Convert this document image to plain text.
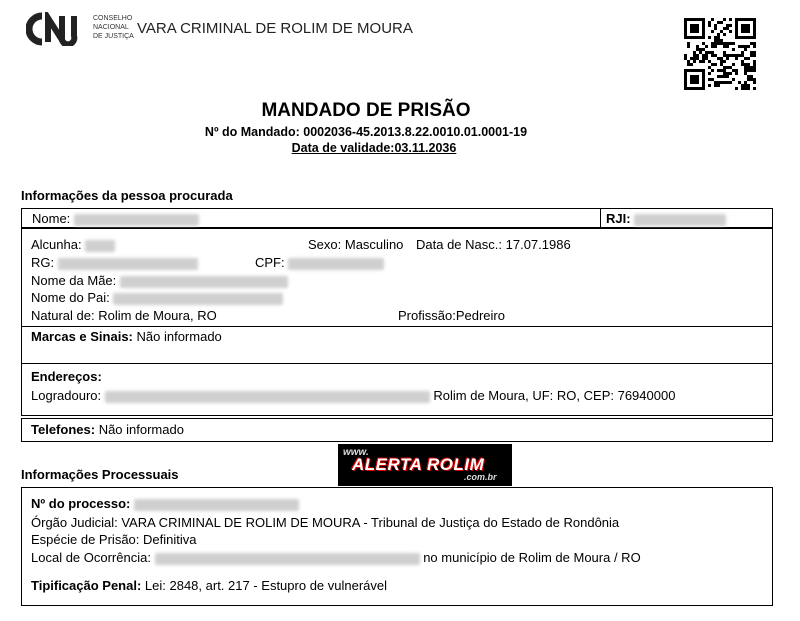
CONSELHO
NACIONAL
DE JUSTIÇA VARA CRIMINAL DE ROLIM DE MOURA
MANDADO DE PRISÃO
Nº do Mandado: 0002036-45.2013.8.22.0010.01.0001-19
Data de validade:03.11.2036
Informações da pessoa procurada
Nome:	RJI:
Alcunha:	Sexo: Masculino Data de Nasc.: 17.07.1986
RG:	CPF:
Nome da Mãe:
Nome do Pai:
Natural de: Rolim de Moura, RO	Profissão:Pedreiro
Marcas e Sinais: Não informado
Endereços:
Logradouro:	Rolim de Moura, UF: RO, CEP: 76940000
Telefones: Não informado
www.
ALERTA ROLIM
.com.br
Informações Processuais
Nº do processo:
Órgão Judicial: VARA CRIMINAL DE ROLIM DE MOURA - Tribunal de Justiça do Estado de Rondônia
Espécie de Prisão: Definitiva
Local de Ocorrência:	no município de Rolim de Moura / RO
Tipificação Penal: Lei: 2848, art. 217 - Estupro de vulnerável
